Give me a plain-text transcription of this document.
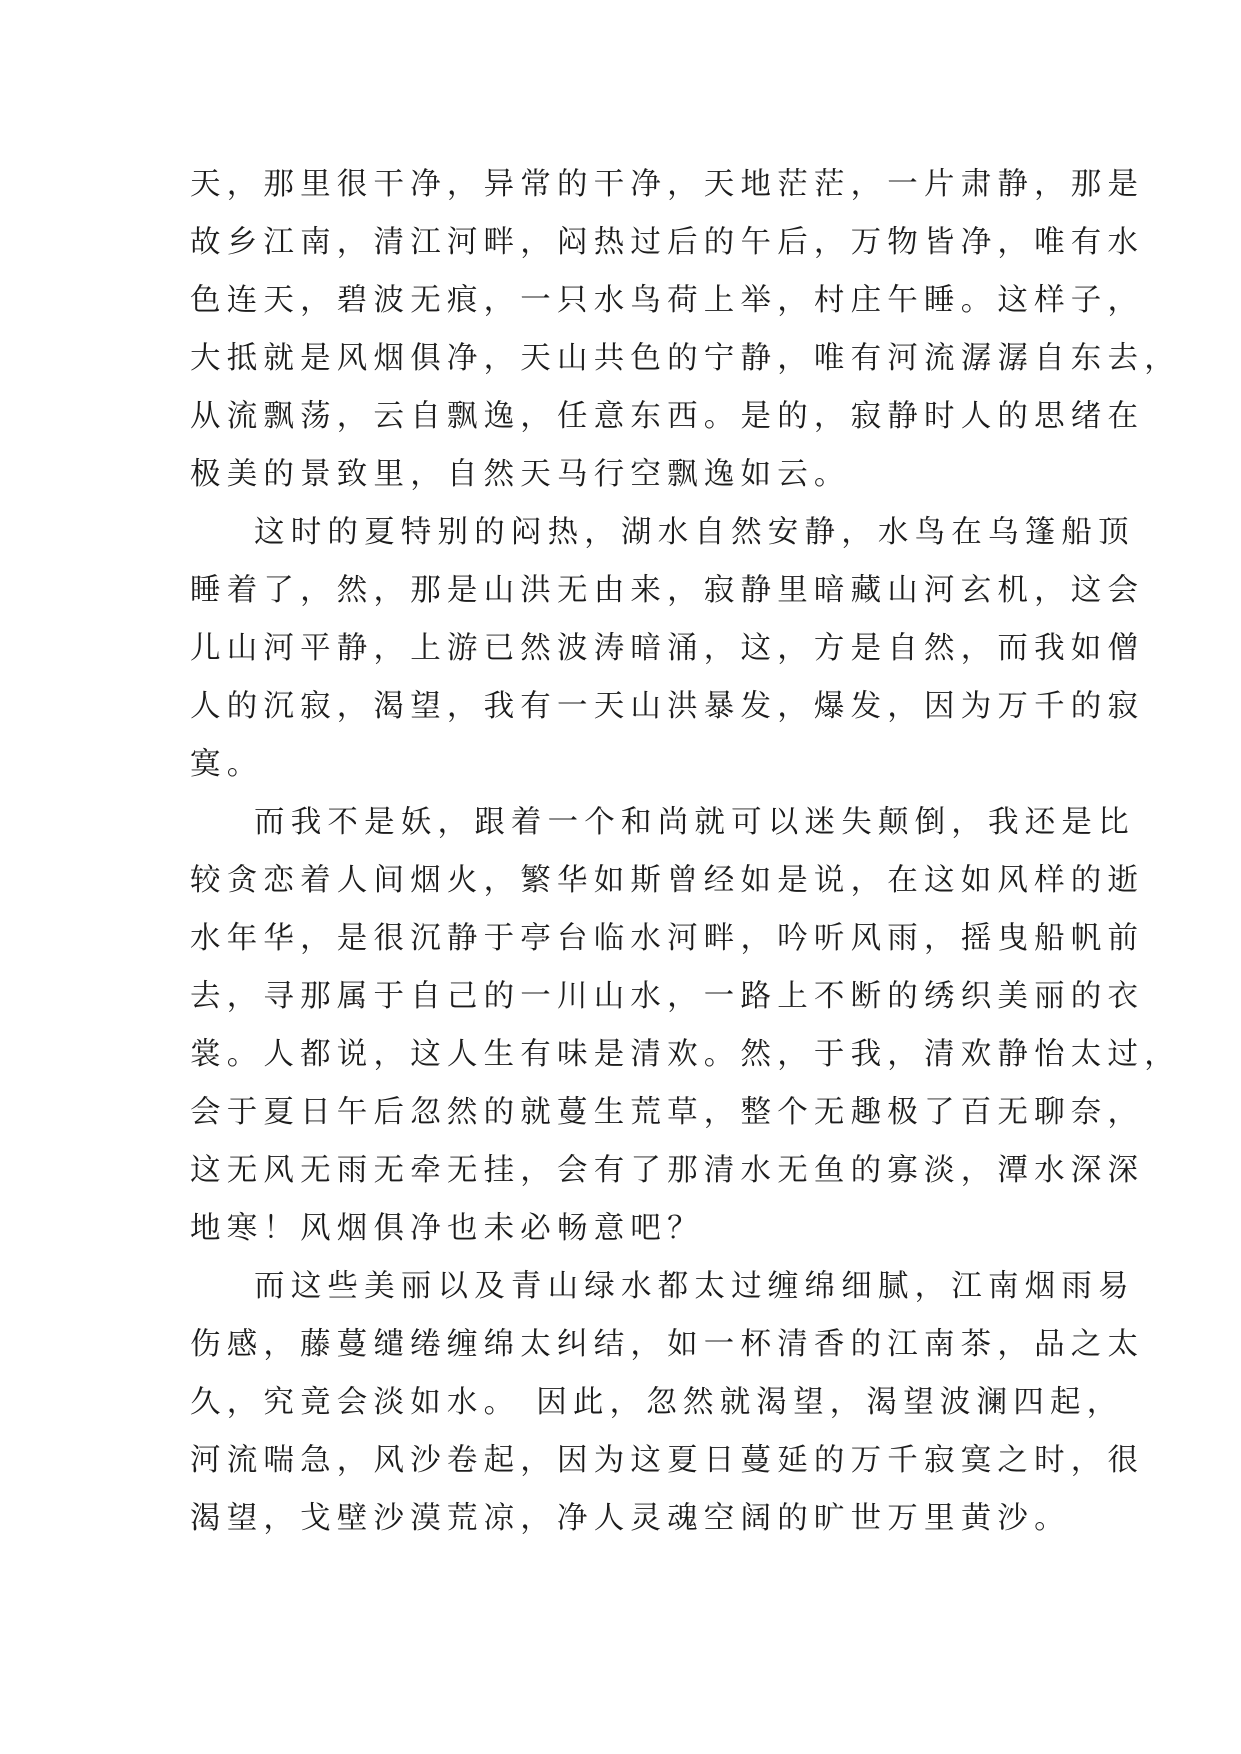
天，那里很干净，异常的干净，天地茫茫，一片肃静，那是
故乡江南，清江河畔，闷热过后的午后，万物皆净，唯有水
色连天，碧波无痕，一只水鸟荷上举，村庄午睡。这样子，
大抵就是风烟俱净，天山共色的宁静，唯有河流潺潺自东去，
从流飘荡，云自飘逸，任意东西。是的，寂静时人的思绪在
极美的景致里，自然天马行空飘逸如云。
这时的夏特别的闷热，湖水自然安静，水鸟在乌篷船顶
睡着了，然，那是山洪无由来，寂静里暗藏山河玄机，这会
儿山河平静，上游已然波涛暗涌，这，方是自然，而我如僧
人的沉寂，渴望，我有一天山洪暴发，爆发，因为万千的寂
寞。
而我不是妖，跟着一个和尚就可以迷失颠倒，我还是比
较贪恋着人间烟火，繁华如斯曾经如是说，在这如风样的逝
水年华，是很沉静于亭台临水河畔，吟听风雨，摇曳船帆前
去，寻那属于自己的一川山水，一路上不断的绣织美丽的衣
裳。人都说，这人生有味是清欢。然，于我，清欢静怡太过，
会于夏日午后忽然的就蔓生荒草，整个无趣极了百无聊奈，
这无风无雨无牵无挂，会有了那清水无鱼的寡淡，潭水深深
地寒！风烟俱净也未必畅意吧？
而这些美丽以及青山绿水都太过缠绵细腻，江南烟雨易
伤感，藤蔓缱绻缠绵太纠结，如一杯清香的江南茶，品之太
久，究竟会淡如水。 因此，忽然就渴望，渴望波澜四起，
河流喘急，风沙卷起，因为这夏日蔓延的万千寂寞之时，很
渴望，戈壁沙漠荒凉，净人灵魂空阔的旷世万里黄沙。
